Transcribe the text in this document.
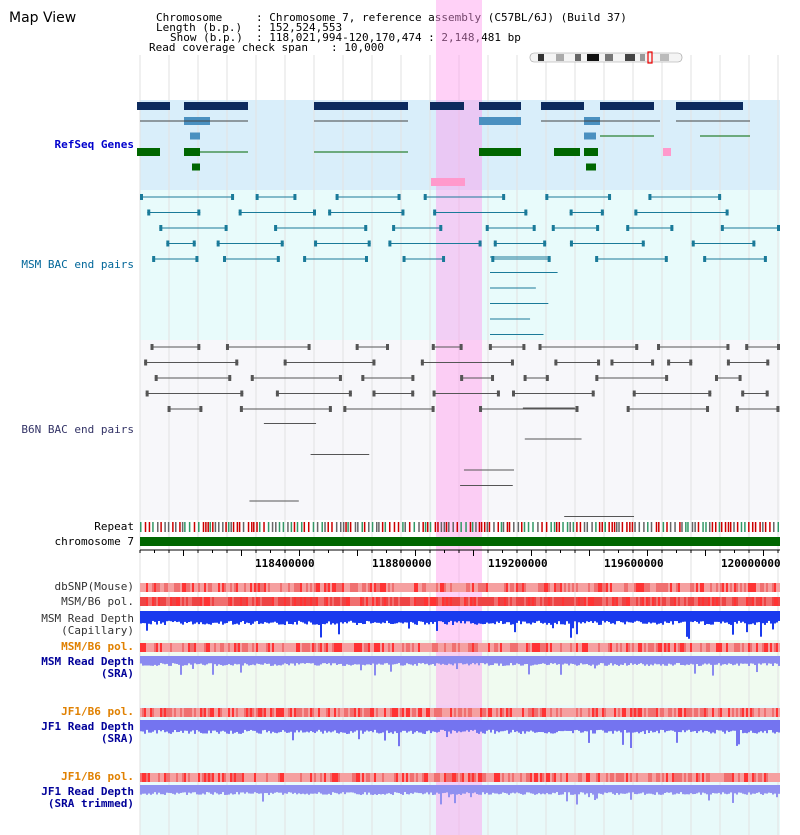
Map View	Chromosome	: Chromosome 7, reference assembly (C57BL/6J) (Build 37)
Length (b.p.) : 152,524,553
Show (b.p.) : 118,021,994-120,170,474 : 2,148,481 bp
Read coverage check span : 10,000
RefSeq Genes
MSM BAC end pairs
B6N BAC end pairs
Repeat
chromosome 7
dbSNP(Mouse)
MSM/B6 pol.
MSM Read Depth
(Capillary)
MSM/B6 pol.
MSM Read Depth
(SRA)
JF1/B6 pol.
JF1 Read Depth
(SRA)
JF1/B6 pol.
JF1 Read Depth
(SRA trimmed)
118400000	118800000	119200000	119600000	120000000
